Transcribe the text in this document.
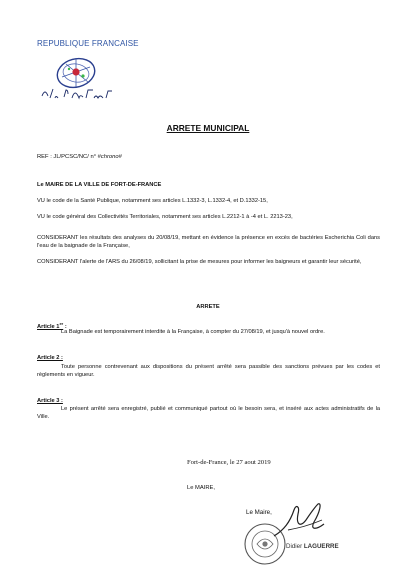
REPUBLIQUE FRANCAISE
ARRETE MUNICIPAL
REF : JL/PCSC/NC/ n° #chrono#
Le MAIRE DE LA VILLE DE FORT-DE-FRANCE
VU le code de la Santé Publique, notamment ses articles L.1332-3, L.1332-4, et D.1332-15,
VU le code général des Collectivités Territoriales, notamment ses articles L.2212-1 à -4 et L. 2213-23,
CONSIDERANT les résultats des analyses du 20/08/19, mettant en évidence la présence en excès de bactéries Escherichia Coli dans l'eau de la baignade de la Française,
CONSIDERANT l'alerte de l'ARS du 26/08/19, sollicitant la prise de mesures pour informer les baigneurs et garantir leur sécurité,
ARRETE
Article 1er :
La Baignade est temporairement interdite à la Française, à compter du 27/08/19, et jusqu'à nouvel ordre.
Article 2 :
Toute personne contrevenant aux dispositions du présent arrêté sera passible des sanctions prévues par les codes et règlements en vigueur.
Article 3 :
Le présent arrêté sera enregistré, publié et communiqué partout où le besoin sera, et inséré aux actes administratifs de la Ville.
Fort-de-France, le 27 aout 2019
Le MAIRE,
Le Maire,
Didier LAGUERRE
